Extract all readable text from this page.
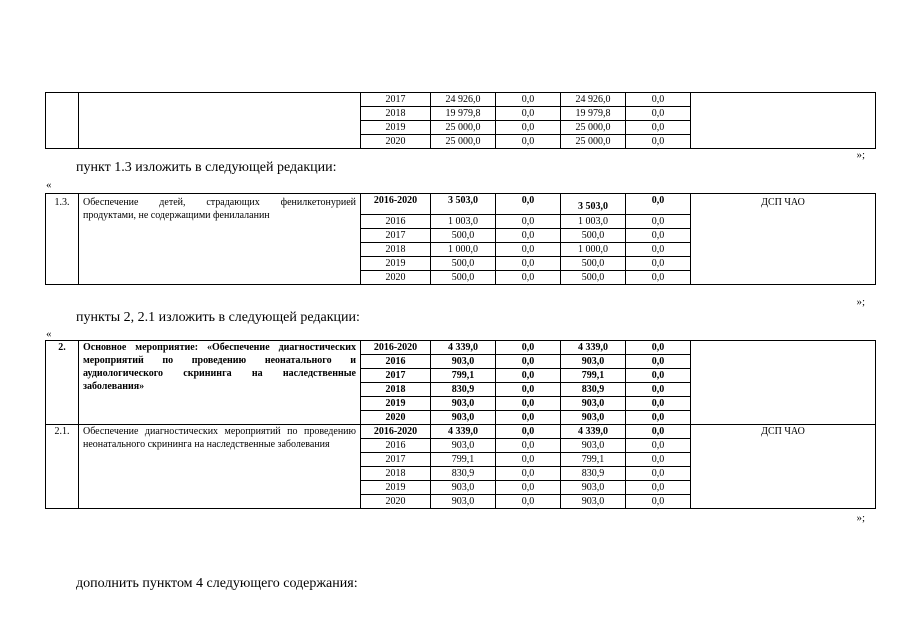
		2017	24 926,0	0,0	24 926,0	0,0	
		2018	19 979,8	0,0	19 979,8	0,0	
		2019	25 000,0	0,0	25 000,0	0,0	
		2020	25 000,0	0,0	25 000,0	0,0	
»;

пункт 1.3 изложить в следующей редакции:

«
1.3.	Обеспечение детей, страдающих фенилкетонурией продуктами, не содержащими фенилаланин	2016-2020	3 503,0	0,0	3 503,0	0,0	ДСП ЧАО
		2016	1 003,0	0,0	1 003,0	0,0	
		2017	500,0	0,0	500,0	0,0	
		2018	1 000,0	0,0	1 000,0	0,0	
		2019	500,0	0,0	500,0	0,0	
		2020	500,0	0,0	500,0	0,0	
»;

пункты 2, 2.1 изложить в следующей редакции:

«
2.	Основное мероприятие: «Обеспечение диагностических мероприятий по проведению неонатального и аудиологического скрининга на наследственные заболевания»	2016-2020	4 339,0	0,0	4 339,0	0,0	
		2016	903,0	0,0	903,0	0,0	
		2017	799,1	0,0	799,1	0,0	
		2018	830,9	0,0	830,9	0,0	
		2019	903,0	0,0	903,0	0,0	
		2020	903,0	0,0	903,0	0,0	
2.1.	Обеспечение диагностических мероприятий по проведению неонатального скрининга на наследственные заболевания	2016-2020	4 339,0	0,0	4 339,0	0,0	ДСП ЧАО
		2016	903,0	0,0	903,0	0,0	
		2017	799,1	0,0	799,1	0,0	
		2018	830,9	0,0	830,9	0,0	
		2019	903,0	0,0	903,0	0,0	
		2020	903,0	0,0	903,0	0,0	
»;

дополнить пунктом 4 следующего содержания:
